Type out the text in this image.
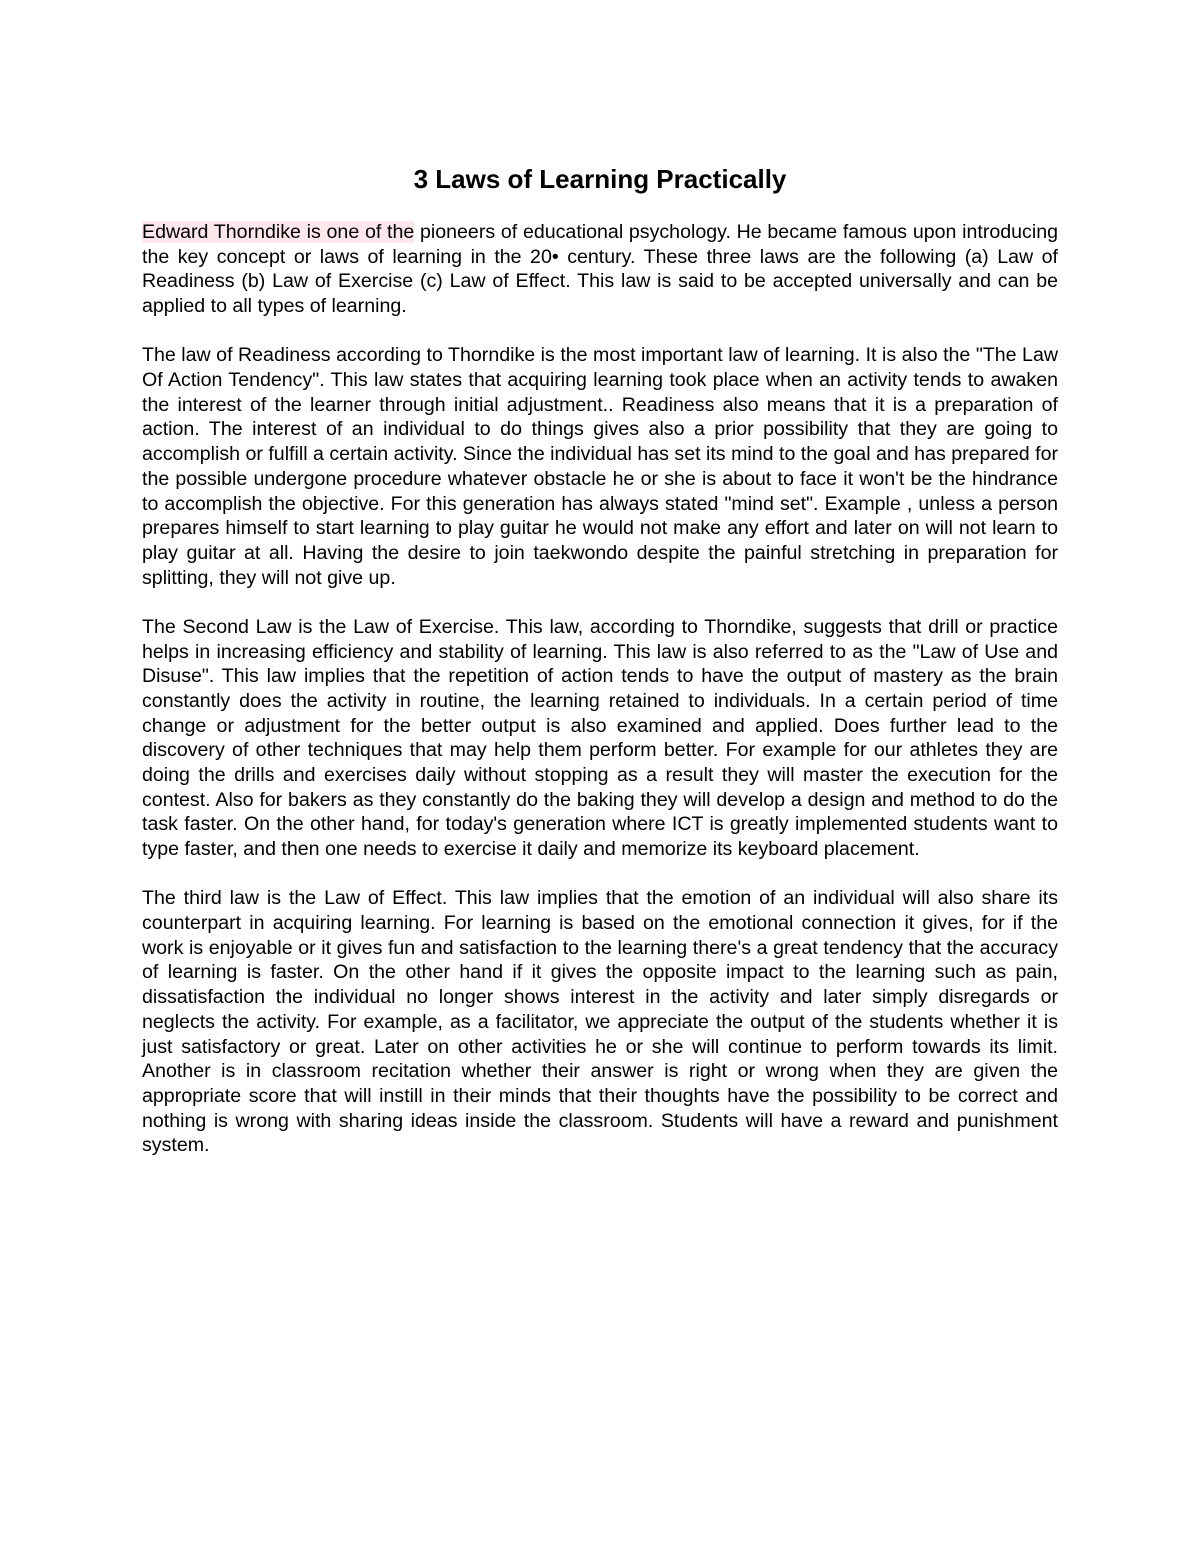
3 Laws of Learning Practically

Edward Thorndike is one of the pioneers of educational psychology. He became famous upon introducing the key concept or laws of learning in the 20• century. These three laws are the following (a) Law of Readiness (b) Law of Exercise (c) Law of Effect. This law is said to be accepted universally and can be applied to all types of learning.

The law of Readiness according to Thorndike is the most important law of learning. It is also the "The Law Of Action Tendency". This law states that acquiring learning took place when an activity tends to awaken the interest of the learner through initial adjustment.. Readiness also means that it is a preparation of action. The interest of an individual to do things gives also a prior possibility that they are going to accomplish or fulfill a certain activity. Since the individual has set its mind to the goal and has prepared for the possible undergone procedure whatever obstacle he or she is about to face it won't be the hindrance to accomplish the objective. For this generation has always stated "mind set". Example , unless a person prepares himself to start learning to play guitar he would not make any effort and later on will not learn to play guitar at all. Having the desire to join taekwondo despite the painful stretching in preparation for splitting, they will not give up.

The Second Law is the Law of Exercise. This law, according to Thorndike, suggests that drill or practice helps in increasing efficiency and stability of learning. This law is also referred to as the "Law of Use and Disuse". This law implies that the repetition of action tends to have the output of mastery as the brain constantly does the activity in routine, the learning retained to individuals. In a certain period of time change or adjustment for the better output is also examined and applied. Does further lead to the discovery of other techniques that may help them perform better. For example for our athletes they are doing the drills and exercises daily without stopping as a result they will master the execution for the contest. Also for bakers as they constantly do the baking they will develop a design and method to do the task faster. On the other hand, for today's generation where ICT is greatly implemented students want to type faster, and then one needs to exercise it daily and memorize its keyboard placement.

The third law is the Law of Effect. This law implies that the emotion of an individual will also share its counterpart in acquiring learning. For learning is based on the emotional connection it gives, for if the work is enjoyable or it gives fun and satisfaction to the learning there's a great tendency that the accuracy of learning is faster. On the other hand if it gives the opposite impact to the learning such as pain, dissatisfaction the individual no longer shows interest in the activity and later simply disregards or neglects the activity. For example, as a facilitator, we appreciate the output of the students whether it is just satisfactory or great. Later on other activities he or she will continue to perform towards its limit. Another is in classroom recitation whether their answer is right or wrong when they are given the appropriate score that will instill in their minds that their thoughts have the possibility to be correct and nothing is wrong with sharing ideas inside the classroom. Students will have a reward and punishment system.
